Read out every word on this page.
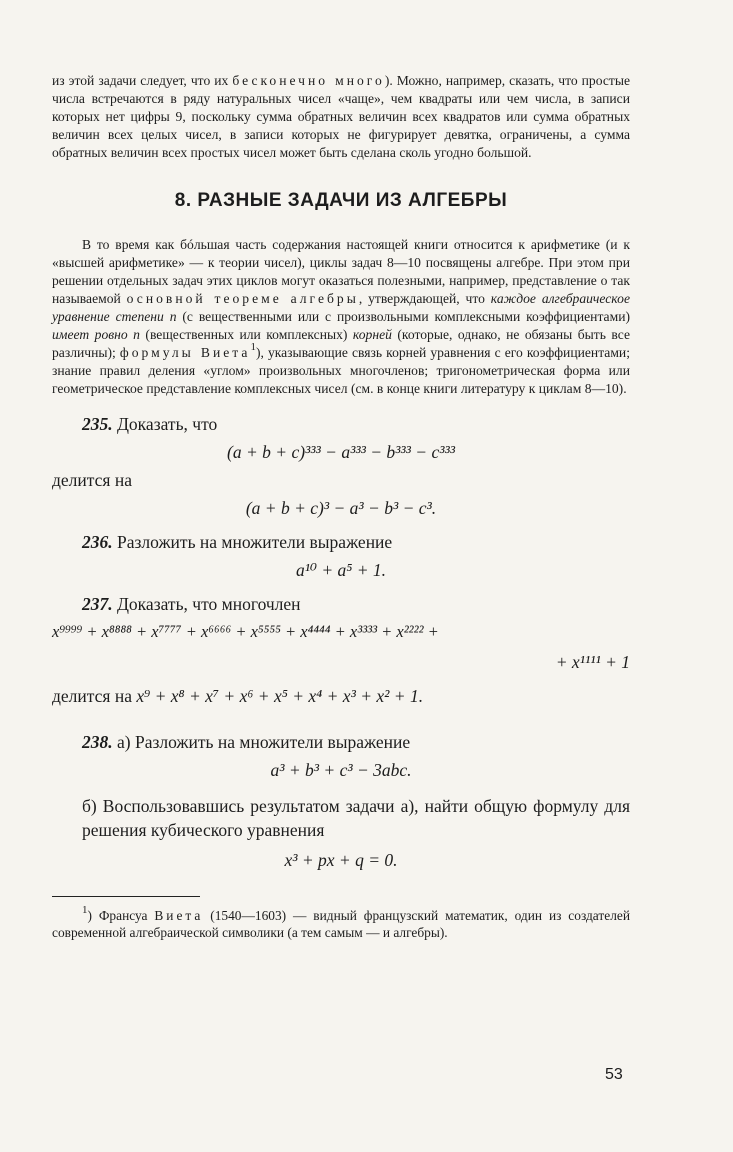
из этой задачи следует, что их бесконечно много). Можно, например, сказать, что простые числа встречаются в ряду натуральных чисел «чаще», чем квадраты или чем числа, в записи которых нет цифры 9, поскольку сумма обратных величин всех квадратов или сумма обратных величин всех целых чисел, в записи которых не фигурирует девятка, ограничены, а сумма обратных величин всех простых чисел может быть сделана сколь угодно большой.

8. РАЗНЫЕ ЗАДАЧИ ИЗ АЛГЕБРЫ

В то время как бóльшая часть содержания настоящей книги относится к арифметике (и к «высшей арифметике» — к теории чисел), циклы задач 8—10 посвящены алгебре. При этом при решении отдельных задач этих циклов могут оказаться полезными, например, представление о так называемой основной теореме алгебры, утверждающей, что каждое алгебраическое уравнение степени n (с вещественными или с произвольными комплексными коэффициентами) имеет ровно n (вещественных или комплексных) корней (которые, однако, не обязаны быть все различны); формулы Виета$^1$), указывающие связь корней уравнения с его коэффициентами; знание правил деления «углом» произвольных многочленов; тригонометрическая форма или геометрическое представление комплексных чисел (см. в конце книги литературу к циклам 8—10).

235. Доказать, что

(a + b + c)³³³ − a³³³ − b³³³ − c³³³

делится на

(a + b + c)³ − a³ − b³ − c³.

236. Разложить на множители выражение

a¹⁰ + a⁵ + 1.

237. Доказать, что многочлен

x⁹⁹⁹⁹ + x⁸⁸⁸⁸ + x⁷⁷⁷⁷ + x⁶⁶⁶⁶ + x⁵⁵⁵⁵ + x⁴⁴⁴⁴ + x³³³³ + x²²²² +
+ x¹¹¹¹ + 1

делится на x⁹ + x⁸ + x⁷ + x⁶ + x⁵ + x⁴ + x³ + x² + 1.

238. а) Разложить на множители выражение

a³ + b³ + c³ − 3abc.

б) Воспользовавшись результатом задачи а), найти общую формулу для решения кубического уравнения

x³ + px + q = 0.

$^1$) Франсуа Виета (1540—1603) — видный французский математик, один из создателей современной алгебраической символики (а тем самым — и алгебры).

53
